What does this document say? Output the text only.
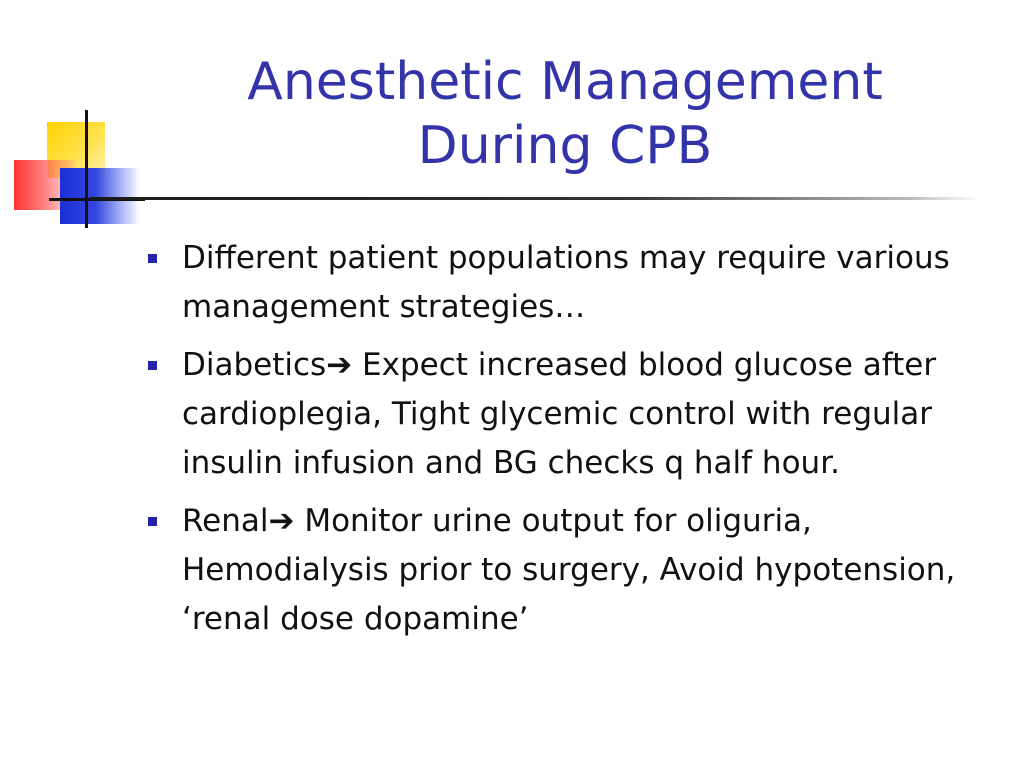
Anesthetic Management
During CPB
Different patient populations may require various management strategies…
Diabetics➔ Expect increased blood glucose after cardioplegia, Tight glycemic control with regular insulin infusion and BG checks q half hour.
Renal➔ Monitor urine output for oliguria, Hemodialysis prior to surgery, Avoid hypotension, ‘renal dose dopamine’
